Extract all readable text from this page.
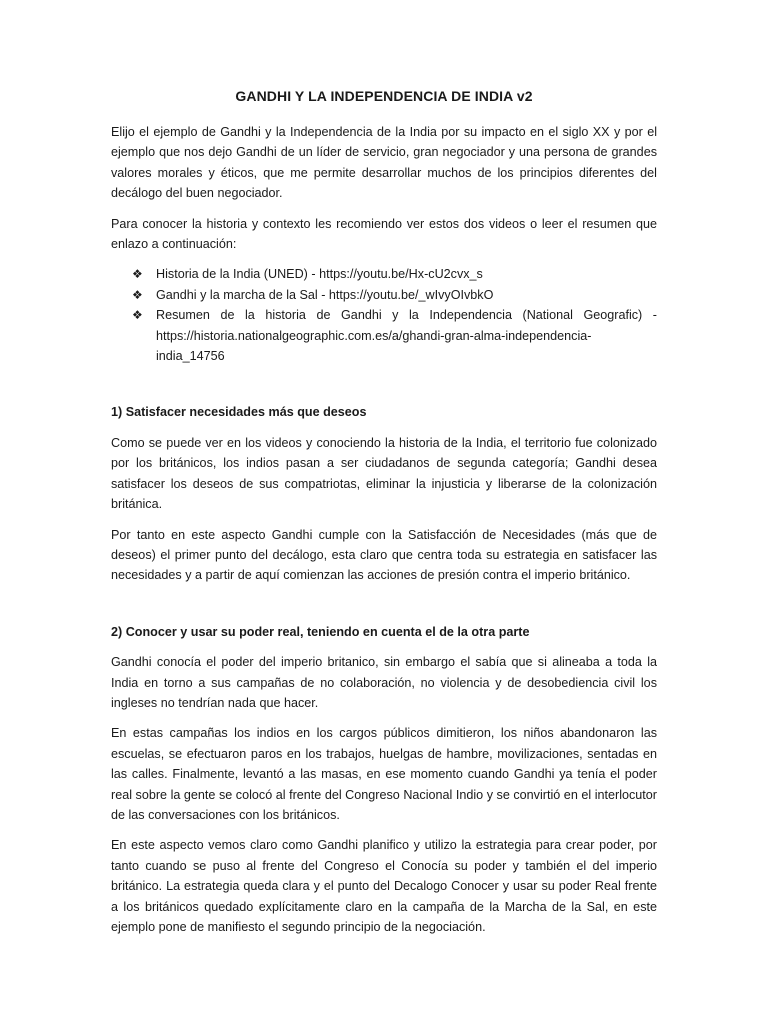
GANDHI Y LA INDEPENDENCIA DE INDIA v2

Elijo el ejemplo de Gandhi y la Independencia de la India por su impacto en el siglo XX y por el ejemplo que nos dejo Gandhi de un líder de servicio, gran negociador y una persona de grandes valores morales y éticos, que me permite desarrollar muchos de los principios diferentes del decálogo del buen negociador.

Para conocer la historia y contexto les recomiendo ver estos dos videos o leer el resumen que enlazo a continuación:

❖ Historia de la India (UNED) - https://youtu.be/Hx-cU2cvx_s
❖ Gandhi y la marcha de la Sal - https://youtu.be/_wIvyOIvbkO
❖ Resumen de la historia de Gandhi y la Independencia (National Geografic) - https://historia.nationalgeographic.com.es/a/ghandi-gran-alma-independencia-india_14756
1) Satisfacer necesidades más que deseos

Como se puede ver en los videos y conociendo la historia de la India, el territorio fue colonizado por los británicos, los indios pasan a ser ciudadanos de segunda categoría; Gandhi desea satisfacer los deseos de sus compatriotas, eliminar la injusticia y liberarse de la colonización británica.

Por tanto en este aspecto Gandhi cumple con la Satisfacción de Necesidades (más que de deseos) el primer punto del decálogo, esta claro que centra toda su estrategia en satisfacer las necesidades y a partir de aquí comienzan las acciones de presión contra el imperio británico.

2) Conocer y usar su poder real, teniendo en cuenta el de la otra parte

Gandhi conocía el poder del imperio britanico, sin embargo el sabía que si alineaba a toda la India en torno a sus campañas de no colaboración, no violencia y de desobediencia civil los ingleses no tendrían nada que hacer.

En estas campañas los indios en los cargos públicos dimitieron, los niños abandonaron las escuelas, se efectuaron paros en los trabajos, huelgas de hambre, movilizaciones, sentadas en las calles. Finalmente, levantó a las masas, en ese momento cuando Gandhi ya tenía el poder real sobre la gente se colocó al frente del Congreso Nacional Indio y se convirtió en el interlocutor de las conversaciones con los británicos.

En este aspecto vemos claro como Gandhi planifico y utilizo la estrategia para crear poder, por tanto cuando se puso al frente del Congreso el Conocía su poder y también el del imperio británico. La estrategia queda clara y el punto del Decalogo Conocer y usar su poder Real frente a los británicos quedado explícitamente claro en la campaña de la Marcha de la Sal, en este ejemplo pone de manifiesto el segundo principio de la negociación.
